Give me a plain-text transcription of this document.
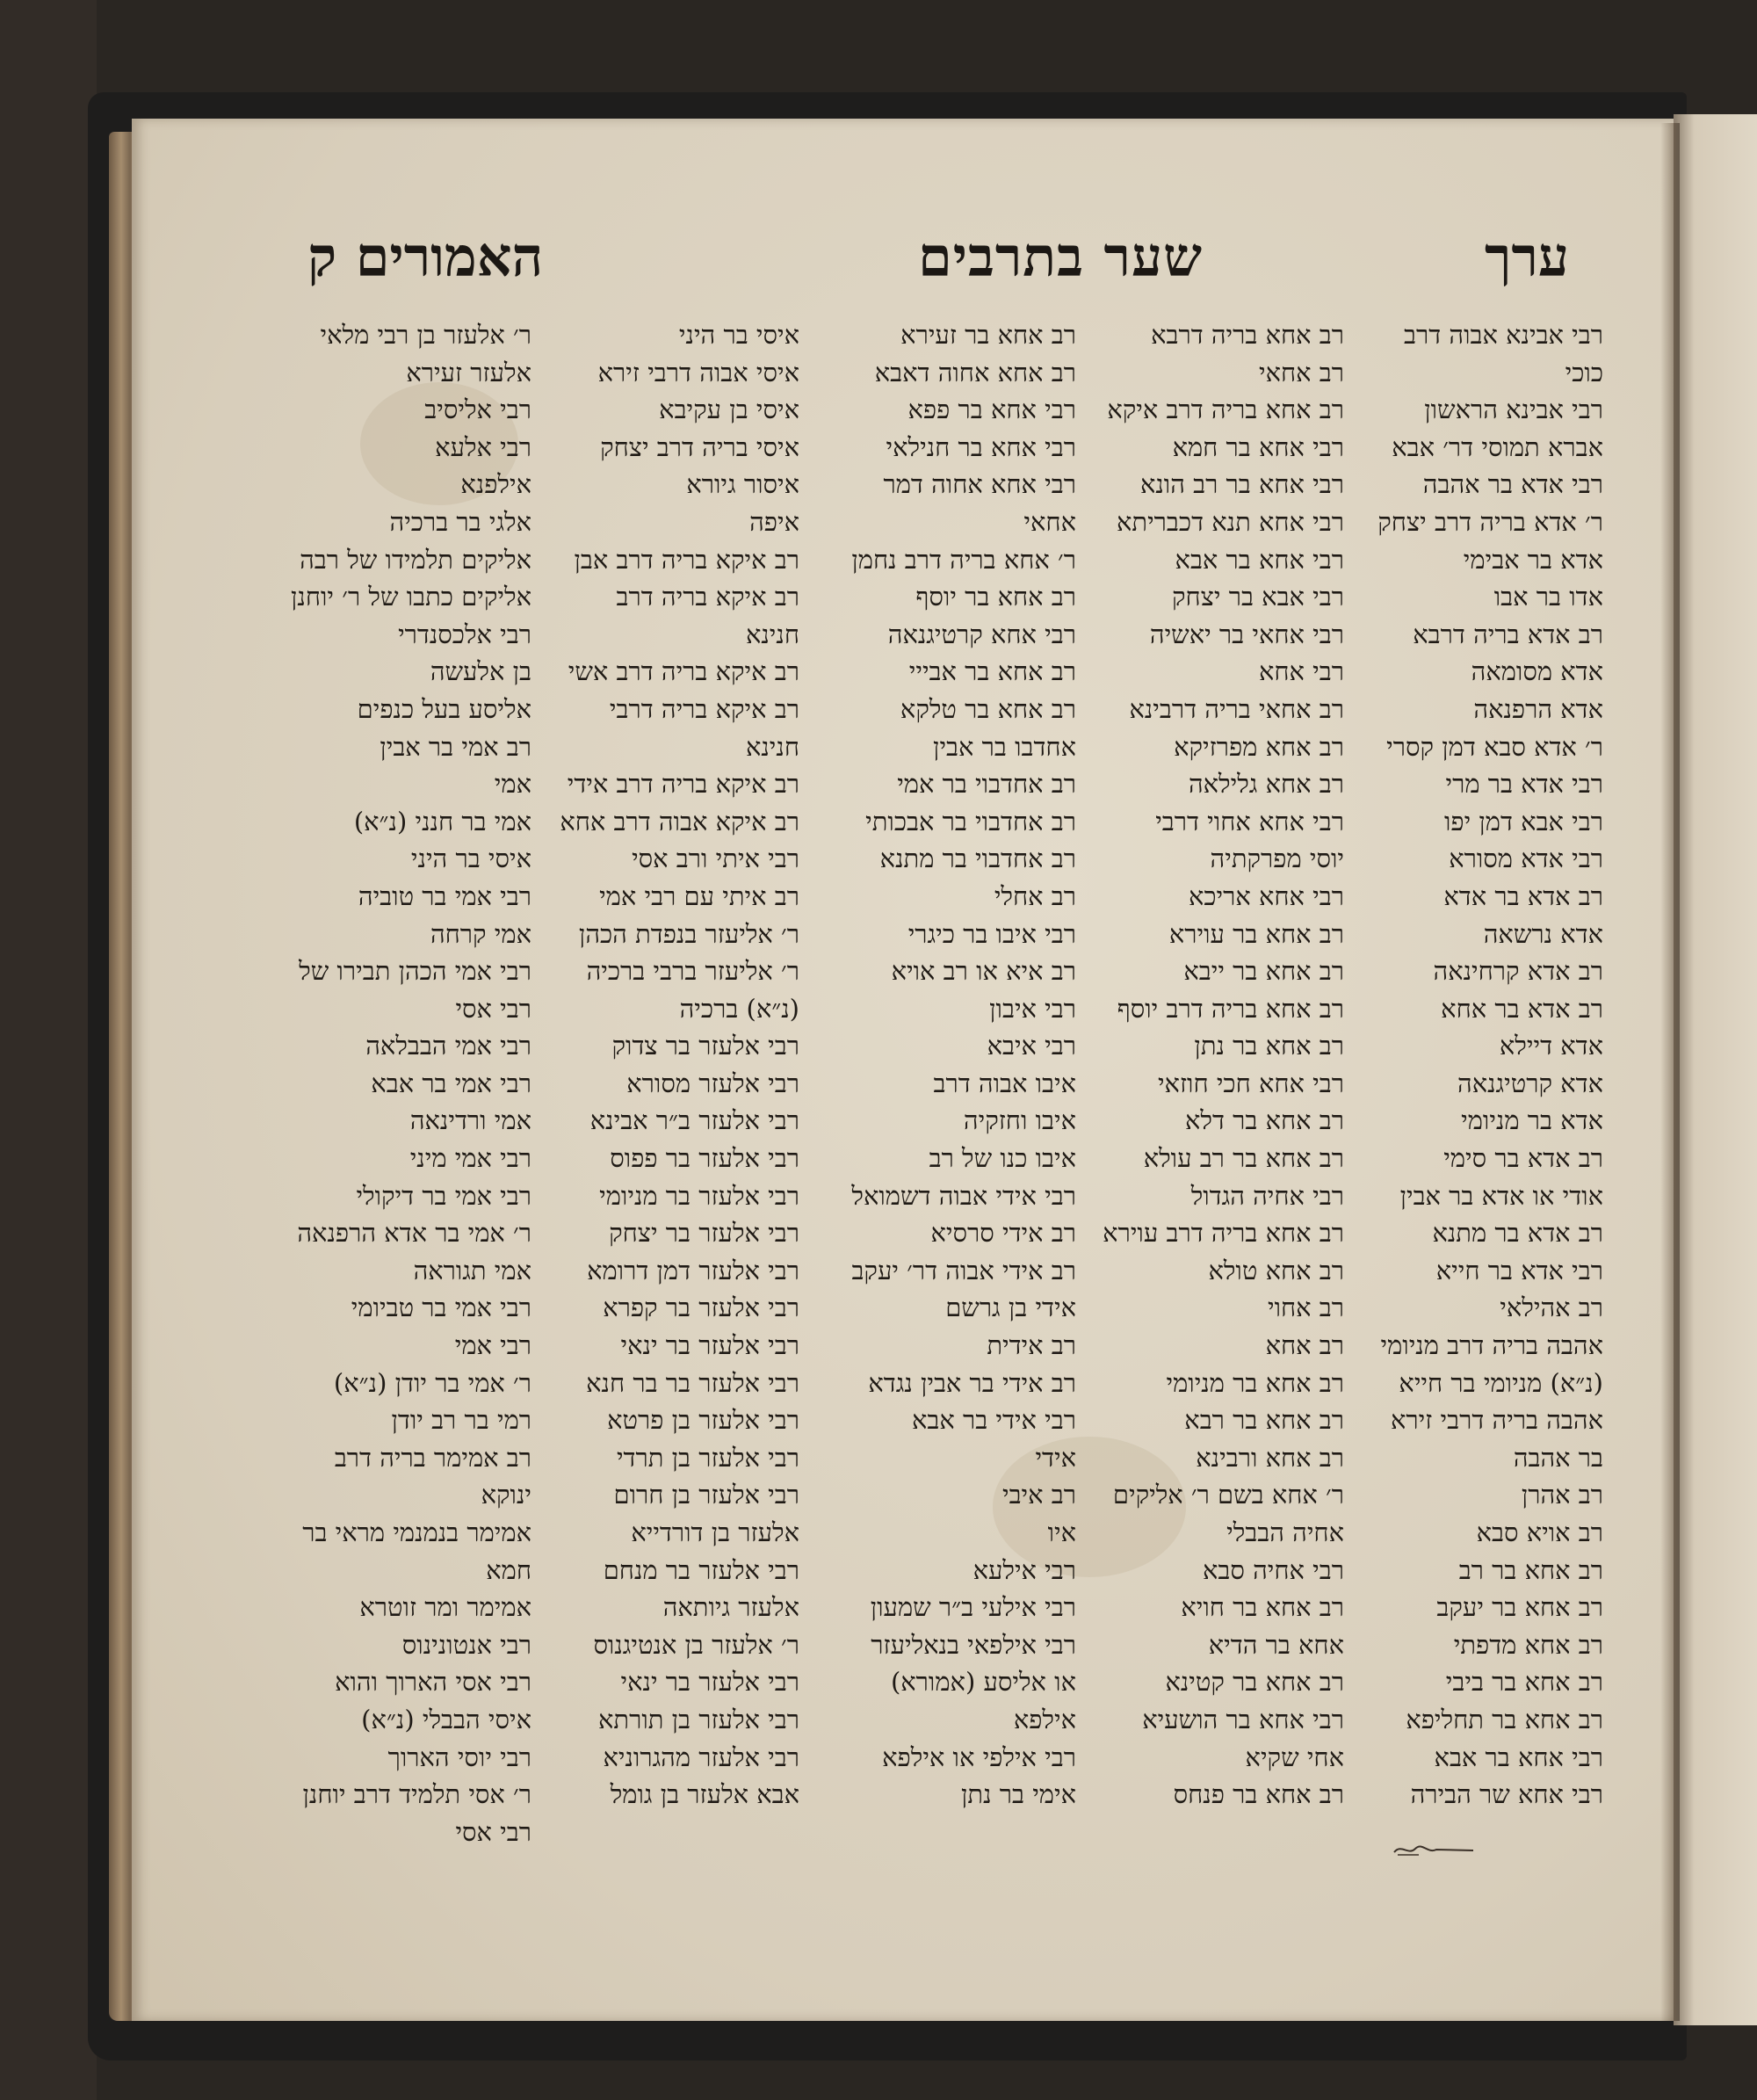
האמורים ק	שער בתרבים	ערך
רבי אבינא אבוה דרב
כוכי
רבי אבינא הראשון
אברא תמוסי דר׳ אבא
רבי אדא בר אהבה
ר׳ אדא בריה דרב יצחק
אדא בר אבימי
אדו בר אבו
רב אדא בריה דרבא
אדא מסומאה
אדא הרפנאה
ר׳ אדא סבא דמן קסרי
רבי אדא בר מרי
רבי אבא דמן יפו
רבי אדא מסורא
רב אדא בר אדא
אדא נרשאה
רב אדא קרחינאה
רב אדא בר אחא
אדא דיילא
אדא קרטיגנאה
אדא בר מניומי
רב אדא בר סימי
אודי או אדא בר אבין
רב אדא בר מתנא
רבי אדא בר חייא
רב אהילאי
אהבה בריה דרב מניומי
(נ״א) מניומי בר חייא
אהבה בריה דרבי זירא
בר אהבה
רב אהרן
רב אויא סבא
רב אחא בר רב
רב אחא בר יעקב
רב אחא מדפתי
רב אחא בר ביבי
רב אחא בר תחליפא
רבי אחא בר אבא
רבי אחא שר הבירה
רב אחא בריה דרבא
רב אחאי
רב אחא בריה דרב איקא
רבי אחא בר חמא
רבי אחא בר רב הונא
רבי אחא תנא דכבריתא
רבי אחא בר אבא
רבי אבא בר יצחק
רבי אחאי בר יאשיה
רבי אחא
רב אחאי בריה דרבינא
רב אחא מפרזיקא
רב אחא גלילאה
רבי אחא אחוי דרבי
יוסי מפרקתיה
רבי אחא אריכא
רב אחא בר עוירא
רב אחא בר ייבא
רב אחא בריה דרב יוסף
רב אחא בר נתן
רבי אחא חכי חוזאי
רב אחא בר דלא
רב אחא בר רב עולא
רבי אחיה הגדול
רב אחא בריה דרב עוירא
רב אחא טולא
רב אחוי
רב אחא
רב אחא בר מניומי
רב אחא בר רבא
רב אחא ורבינא
ר׳ אחא בשם ר׳ אליקים
אחיה הבבלי
רבי אחיה סבא
רב אחא בר חויא
אחא בר הדיא
רב אחא בר קטינא
רבי אחא בר הושעיא
אחי שקיא
רב אחא בר פנחס
רב אחא בר זעירא
רב אחא אחוה דאבא
רבי אחא בר פפא
רבי אחא בר חנילאי
רבי אחא אחוה דמר
אחאי
ר׳ אחא בריה דרב נחמן
רב אחא בר יוסף
רבי אחא קרטיגנאה
רב אחא בר אבייי
רב אחא בר טלקא
אחדבו בר אבין
רב אחדבוי בר אמי
רב אחדבוי בר אבכותי
רב אחדבוי בר מתנא
רב אחלי
רבי איבו בר כיגרי
רב איא או רב אויא
רבי איבון
רבי איבא
איבו אבוה דרב
איבו וחזקיה
איבו כנו של רב
רבי אידי אבוה דשמואל
רב אידי סרסיא
רב אידי אבוה דר׳ יעקב
אידי בן גרשם
רב אידית
רב אידי בר אבין נגדא
רבי אידי בר אבא
אידי
רב איבי
איו
רבי אילעא
רבי אילעי ב״ר שמעון
רבי אילפאי בנאליעזר
או אליסע (אמורא)
אילפא
רבי אילפי או אילפא
אימי בר נתן
איסי בר היני
איסי אבוה דרבי זירא
איסי בן עקיבא
איסי בריה דרב יצחק
איסור גיורא
איפה
רב איקא בריה דרב אבן
רב איקא בריה דרב
חנינא
רב איקא בריה דרב אשי
רב איקא בריה דרבי
חנינא
רב איקא בריה דרב אידי
רב איקא אבוה דרב אחא
רבי איתי ורב אסי
רב איתי עם רבי אמי
ר׳ אליעזר בנפדת הכהן
ר׳ אליעזר ברבי ברכיה
(נ״א) ברכיה
רבי אלעזר בר צדוק
רבי אלעזר מסורא
רבי אלעזר ב״ר אבינא
רבי אלעזר בר פפוס
רבי אלעזר בר מניומי
רבי אלעזר בר יצחק
רבי אלעזר דמן דרומא
רבי אלעזר בר קפרא
רבי אלעזר בר ינאי
רבי אלעזר בר בר חנא
רבי אלעזר בן פרטא
רבי אלעזר בן תרדי
רבי אלעזר בן חרום
אלעזר בן דורדייא
רבי אלעזר בר מנחם
אלעזר גיותאה
ר׳ אלעזר בן אנטיגנוס
רבי אלעזר בר ינאי
רבי אלעזר בן תורתא
רבי אלעזר מהגרוניא
אבא אלעזר בן גומל
ר׳ אלעזר בן רבי מלאי
אלעזר זעירא
רבי אליסיב
רבי אלעא
אילפנא
אלגי בר ברכיה
אליקים תלמידו של רבה
אליקים כתבו של ר׳ יוחנן
רבי אלכסנדרי
בן אלעשה
אליסע בעל כנפים
רב אמי בר אבין
אמי
אמי בר חנני (נ״א)
איסי בר היני
רבי אמי בר טוביה
אמי קרחה
רבי אמי הכהן תבירו של
רבי אסי
רבי אמי הבבלאה
רבי אמי בר אבא
אמי ורדינאה
רבי אמי מיני
רבי אמי בר דיקולי
ר׳ אמי בר אדא הרפנאה
אמי תגוראה
רבי אמי בר טביומי
רבי אמי
ר׳ אמי בר יודן (נ״א)
רמי בר רב יודן
רב אמימר בריה דרב
ינוקא
אמימר בנמנמי מראי בר
חמא
אמימר ומר זוטרא
רבי אנטונינוס
רבי אסי הארוך והוא
איסי הבבלי (נ״א)
רבי יוסי הארוך
ר׳ אסי תלמיד דרב יוחנן
רבי אסי
